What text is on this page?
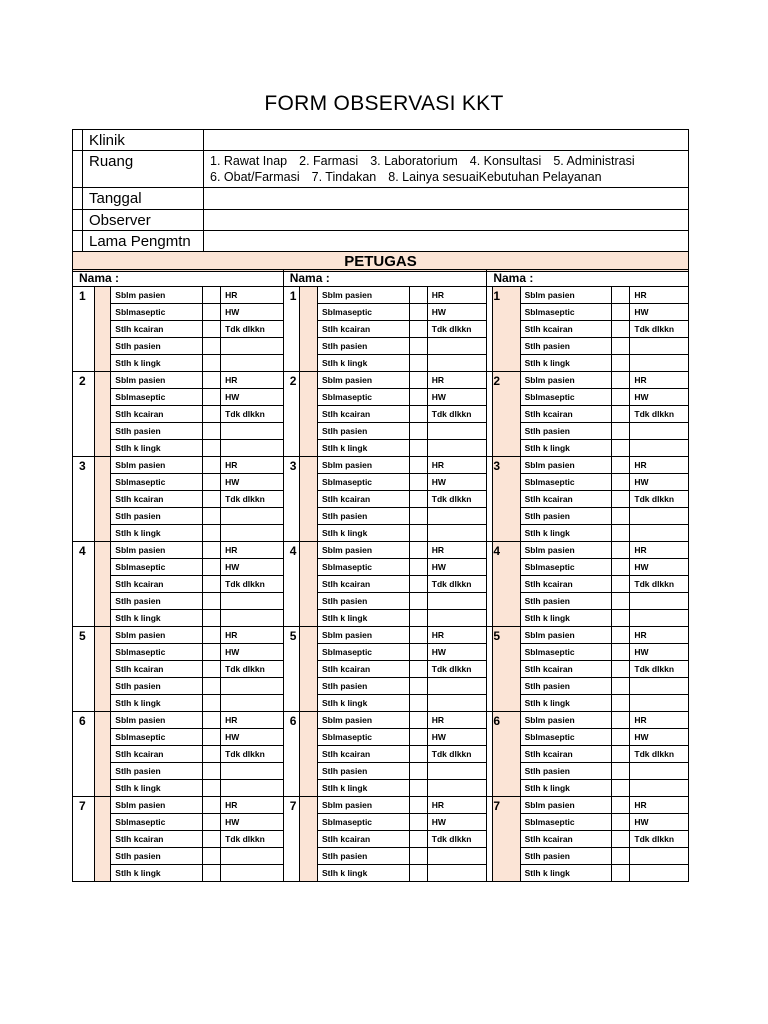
FORM OBSERVASI KKT
	Klinik	
	Ruang	1. Rawat Inap 2. Farmasi 3. Laboratorium 4. Konsultasi 5. Administrasi
6. Obat/Farmasi 7. Tindakan 8. Lainya sesuaiKebutuhan Pelayanan

	Tanggal	
	Observer	
	Lama Pengmtn	
PETUGAS		
Nama :					Nama :					Nama :				
1		Sblm pasien		HR	1		Sblm pasien		HR	1		Sblm pasien		HR
		Sblmaseptic		HW			Sblmaseptic		HW			Sblmaseptic		HW
		Stlh kcairan		Tdk dlkkn			Stlh kcairan		Tdk dlkkn			Stlh kcairan		Tdk dlkkn
		Stlh pasien					Stlh pasien					Stlh pasien		
		Stlh k lingk					Stlh k lingk					Stlh k lingk		
2		Sblm pasien		HR	2		Sblm pasien		HR	2		Sblm pasien		HR
		Sblmaseptic		HW			Sblmaseptic		HW			Sblmaseptic		HW
		Stlh kcairan		Tdk dlkkn			Stlh kcairan		Tdk dlkkn			Stlh kcairan		Tdk dlkkn
		Stlh pasien					Stlh pasien					Stlh pasien		
		Stlh k lingk					Stlh k lingk					Stlh k lingk		
3		Sblm pasien		HR	3		Sblm pasien		HR	3		Sblm pasien		HR
		Sblmaseptic		HW			Sblmaseptic		HW			Sblmaseptic		HW
		Stlh kcairan		Tdk dlkkn			Stlh kcairan		Tdk dlkkn			Stlh kcairan		Tdk dlkkn
		Stlh pasien					Stlh pasien					Stlh pasien		
		Stlh k lingk					Stlh k lingk					Stlh k lingk		
4		Sblm pasien		HR	4		Sblm pasien		HR	4		Sblm pasien		HR
		Sblmaseptic		HW			Sblmaseptic		HW			Sblmaseptic		HW
		Stlh kcairan		Tdk dlkkn			Stlh kcairan		Tdk dlkkn			Stlh kcairan		Tdk dlkkn
		Stlh pasien					Stlh pasien					Stlh pasien		
		Stlh k lingk					Stlh k lingk					Stlh k lingk		
5		Sblm pasien		HR	5		Sblm pasien		HR	5		Sblm pasien		HR
		Sblmaseptic		HW			Sblmaseptic		HW			Sblmaseptic		HW
		Stlh kcairan		Tdk dlkkn			Stlh kcairan		Tdk dlkkn			Stlh kcairan		Tdk dlkkn
		Stlh pasien					Stlh pasien					Stlh pasien		
		Stlh k lingk					Stlh k lingk					Stlh k lingk		
6		Sblm pasien		HR	6		Sblm pasien		HR	6		Sblm pasien		HR
		Sblmaseptic		HW			Sblmaseptic		HW			Sblmaseptic		HW
		Stlh kcairan		Tdk dlkkn			Stlh kcairan		Tdk dlkkn			Stlh kcairan		Tdk dlkkn
		Stlh pasien					Stlh pasien					Stlh pasien		
		Stlh k lingk					Stlh k lingk					Stlh k lingk		
7		Sblm pasien		HR	7		Sblm pasien		HR	7		Sblm pasien		HR
		Sblmaseptic		HW			Sblmaseptic		HW			Sblmaseptic		HW
		Stlh kcairan		Tdk dlkkn			Stlh kcairan		Tdk dlkkn			Stlh kcairan		Tdk dlkkn
		Stlh pasien					Stlh pasien					Stlh pasien		
		Stlh k lingk					Stlh k lingk					Stlh k lingk		
